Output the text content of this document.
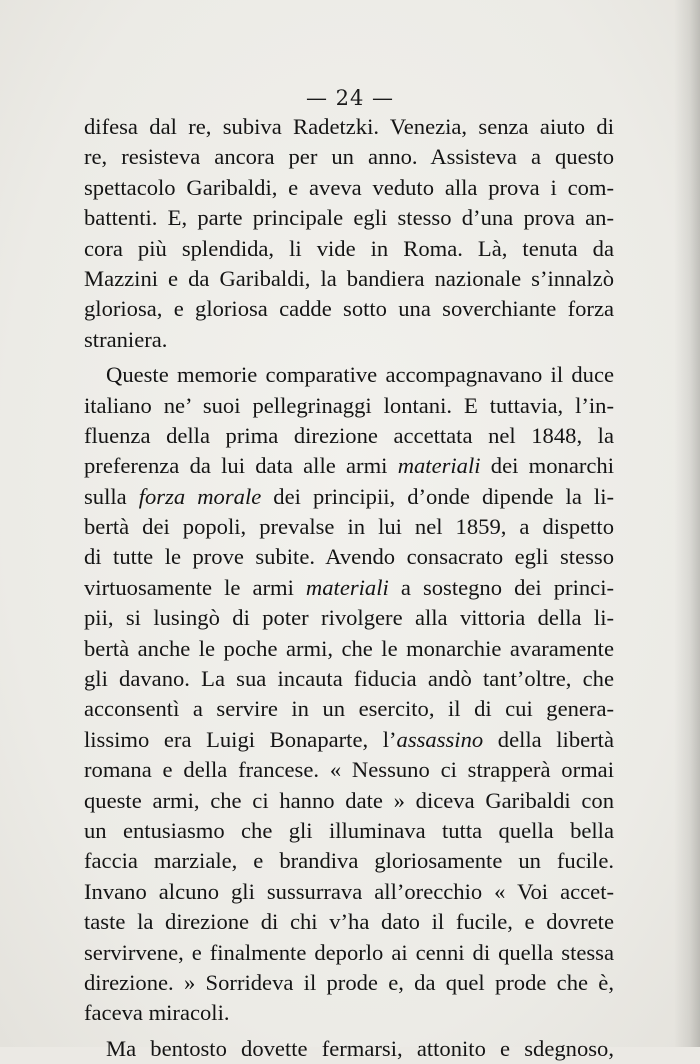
— 24 —
difesa dal re, subiva Radetzki. Venezia, senza aiuto di
re, resisteva ancora per un anno. Assisteva a questo
spettacolo Garibaldi, e aveva veduto alla prova i com-
battenti. E, parte principale egli stesso d’una prova an-
cora più splendida, li vide in Roma. Là, tenuta da
Mazzini e da Garibaldi, la bandiera nazionale s’innalzò
gloriosa, e gloriosa cadde sotto una soverchiante forza
straniera.
Queste memorie comparative accompagnavano il duce
italiano ne’ suoi pellegrinaggi lontani. E tuttavia, l’in-
fluenza della prima direzione accettata nel 1848, la
preferenza da lui data alle armi materiali dei monarchi
sulla forza morale dei principii, d’onde dipende la li-
bertà dei popoli, prevalse in lui nel 1859, a dispetto
di tutte le prove subite. Avendo consacrato egli stesso
virtuosamente le armi materiali a sostegno dei princi-
pii, si lusingò di poter rivolgere alla vittoria della li-
bertà anche le poche armi, che le monarchie avaramente
gli davano. La sua incauta fiducia andò tant’oltre, che
acconsentì a servire in un esercito, il di cui genera-
lissimo era Luigi Bonaparte, l’assassino della libertà
romana e della francese. « Nessuno ci strapperà ormai
queste armi, che ci hanno date » diceva Garibaldi con
un entusiasmo che gli illuminava tutta quella bella
faccia marziale, e brandiva gloriosamente un fucile.
Invano alcuno gli sussurrava all’orecchio « Voi accet-
taste la direzione di chi v’ha dato il fucile, e dovrete
servirvene, e finalmente deporlo ai cenni di quella stessa
direzione. » Sorrideva il prode e, da quel prode che è,
faceva miracoli.
Ma bentosto dovette fermarsi, attonito e sdegnoso,
